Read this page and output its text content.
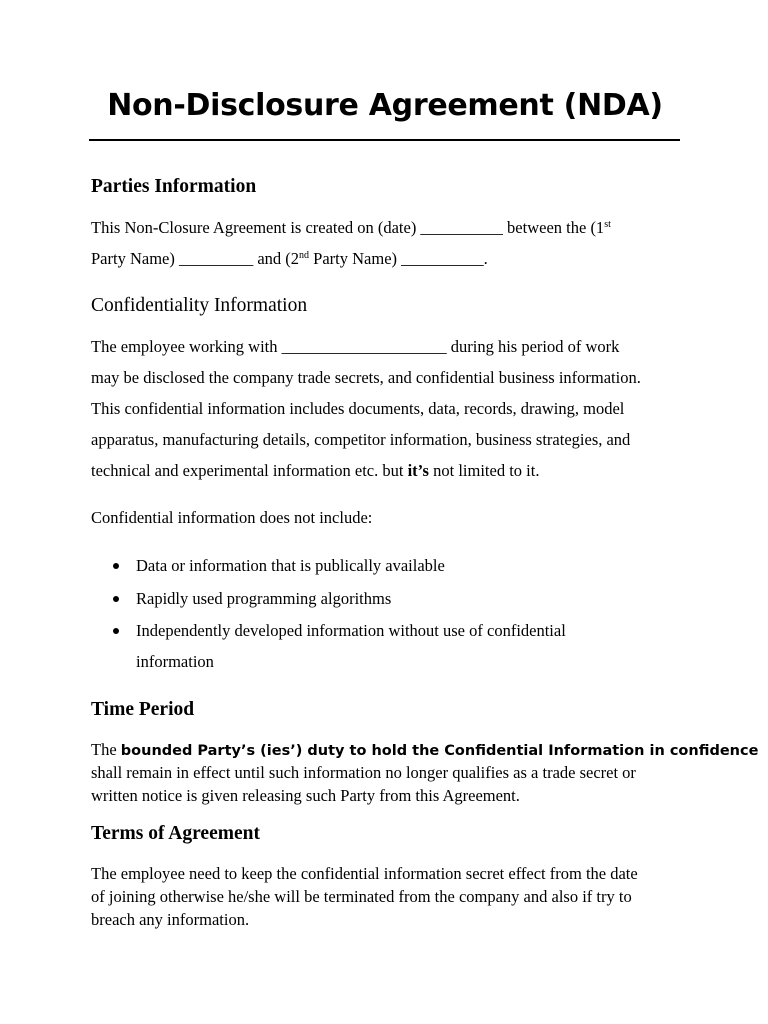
Non-Disclosure Agreement (NDA)
Parties Information
This Non-Closure Agreement is created on (date) __________ between the (1st
Party Name) _________ and (2nd Party Name) __________.
Confidentiality Information
The employee working with ____________________ during his period of work
may be disclosed the company trade secrets, and confidential business information.
This confidential information includes documents, data, records, drawing, model
apparatus, manufacturing details, competitor information, business strategies, and
technical and experimental information etc. but it’s not limited to it.
Confidential information does not include:
Data or information that is publically available
Rapidly used programming algorithms
Independently developed information without use of confidential
information
Time Period
The bounded Party’s (ies’) duty to hold the Confidential Information in confidence
shall remain in effect until such information no longer qualifies as a trade secret or
written notice is given releasing such Party from this Agreement.
Terms of Agreement
The employee need to keep the confidential information secret effect from the date
of joining otherwise he/she will be terminated from the company and also if try to
breach any information.
